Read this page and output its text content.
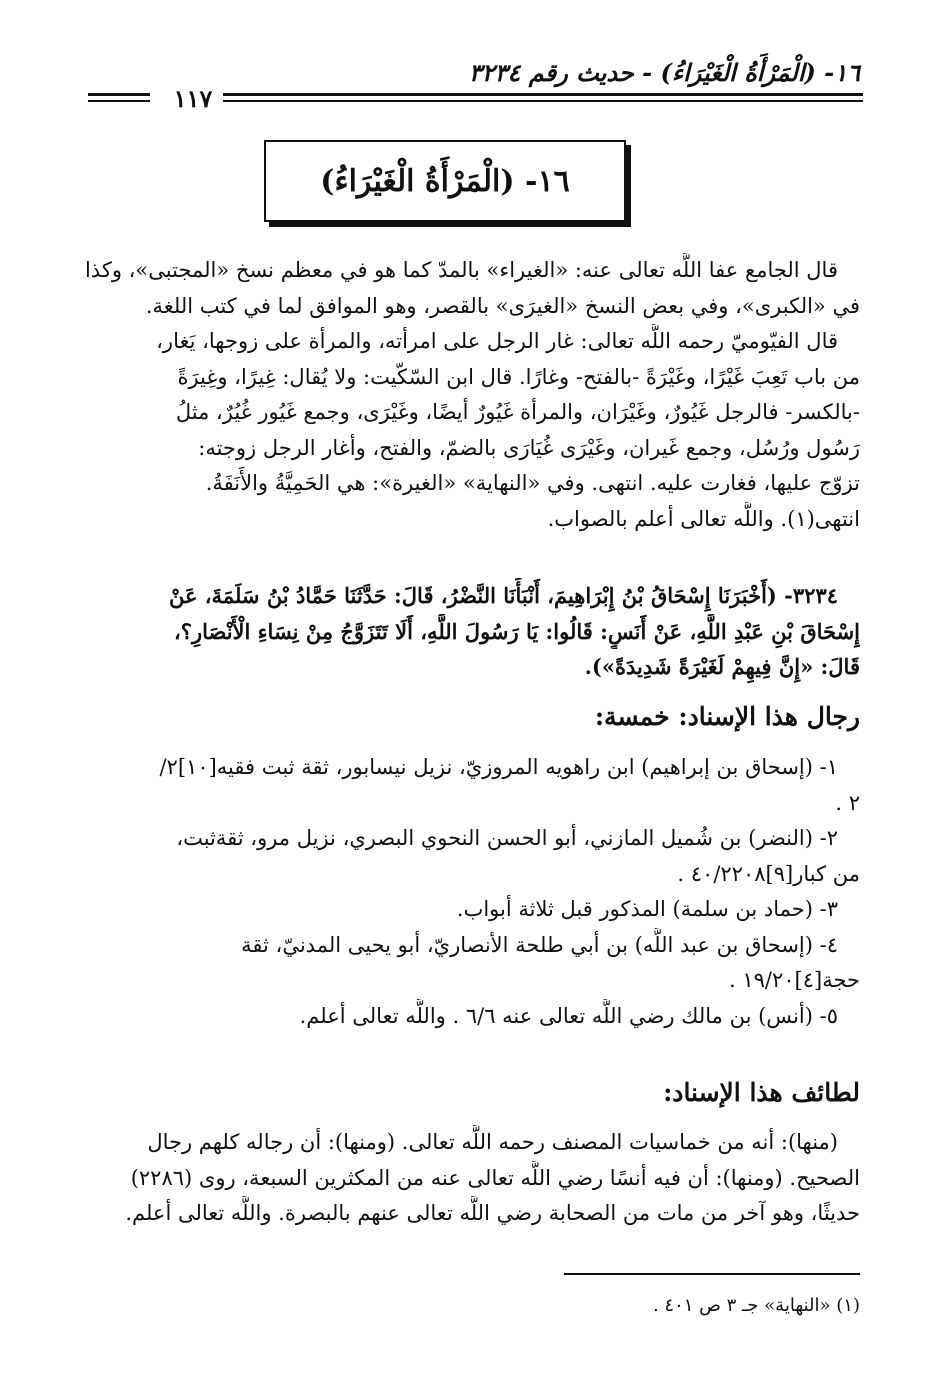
١٦- (الْمَرْأَةُ الْغَيْرَاءُ) - حديث رقم ٣٢٣٤
١١٧
١٦- (الْمَرْأَةُ الْغَيْرَاءُ)
قال الجامع عفا اللَّه تعالى عنه: «الغيراء» بالمدّ كما هو في معظم نسخ «المجتبى»، وكذا
في «الكبرى»، وفي بعض النسخ «الغيرَى» بالقصر، وهو الموافق لما في كتب اللغة.
قال الفيّوميّ رحمه اللَّه تعالى: غار الرجل على امرأته، والمرأة على زوجها، يَغار،
من باب تَعِبَ غَيْرًا، وغَيْرَةً -بالفتح- وغارًا. قال ابن السّكّيت: ولا يُقال: غِيرًا، وغِيرَةً
-بالكسر- فالرجل غَيُورٌ، وغَيْرَان، والمرأة غَيُورٌ أيضًا، وغَيْرَى، وجمع غَيُور غُيُرٌ، مثلُ
رَسُول ورُسُل، وجمع غَيران، وغَيْرَى غُيَارَى بالضمّ، والفتح، وأغار الرجل زوجته:
تزوّج عليها، فغارت عليه. انتهى. وفي «النهاية» «الغيرة»: هي الحَمِيَّةُ والأَنَفَةُ.
انتهى(١). واللَّه تعالى أعلم بالصواب.
٣٢٣٤- (أَخْبَرَنَا إِسْحَاقُ بْنُ إِبْرَاهِيمَ، أَنْبَأَنَا النَّضْرُ، قَالَ: حَدَّثَنَا حَمَّادُ بْنُ سَلَمَةَ، عَنْ
إِسْحَاقَ بْنِ عَبْدِ اللَّهِ، عَنْ أَنَسٍ: قَالُوا: يَا رَسُولَ اللَّهِ، أَلَا تَتَزَوَّجُ مِنْ نِسَاءِ الْأَنْصَارِ؟،
قَالَ: «إِنَّ فِيهِمْ لَغَيْرَةً شَدِيدَةً»).
رجال هذا الإسناد: خمسة:
١- (إسحاق بن إبراهيم) ابن راهويه المروزيّ، نزيل نيسابور، ثقة ثبت فقيه[١٠]٢/
٢ .
٢- (النضر) بن شُميل المازني، أبو الحسن النحوي البصري، نزيل مرو، ثقةثبت،
من كبار[٩]٤٠/٢٢٠٨ .
٣- (حماد بن سلمة) المذكور قبل ثلاثة أبواب.
٤- (إسحاق بن عبد اللَّه) بن أبي طلحة الأنصاريّ، أبو يحيى المدنيّ، ثقة
حجة[٤]١٩/٢٠ .
٥- (أنس) بن مالك رضي اللَّه تعالى عنه ٦/٦ . واللَّه تعالى أعلم.
لطائف هذا الإسناد:
(منها): أنه من خماسيات المصنف رحمه اللَّه تعالى. (ومنها): أن رجاله كلهم رجال
الصحيح. (ومنها): أن فيه أنسًا رضي اللَّه تعالى عنه من المكثرين السبعة، روى (٢٢٨٦)
حديثًا، وهو آخر من مات من الصحابة رضي اللَّه تعالى عنهم بالبصرة. واللَّه تعالى أعلم.
(١) «النهاية» جـ ٣ ص ٤٠١ .
